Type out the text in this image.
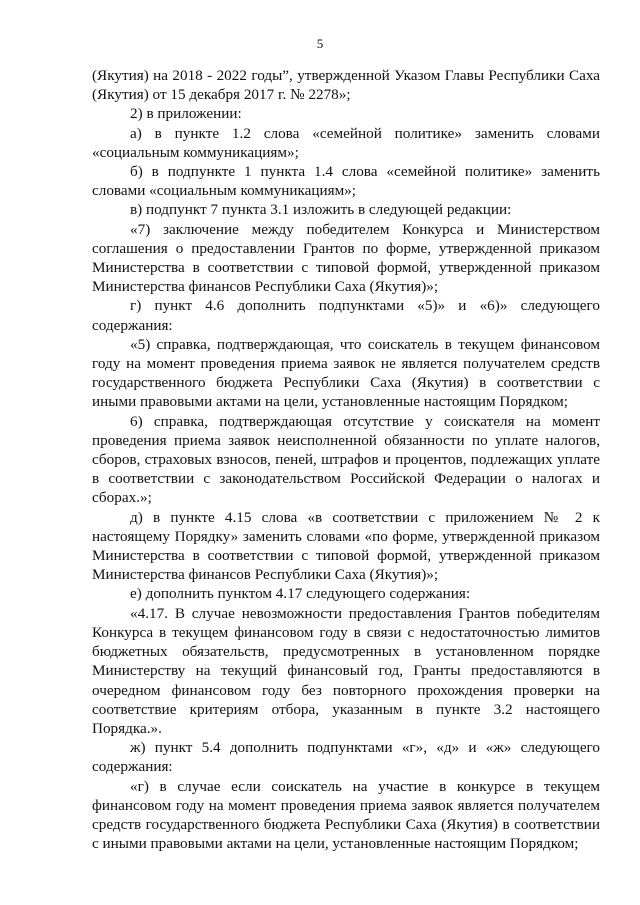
5

(Якутия) на 2018 - 2022 годы”, утвержденной Указом Главы Республики Саха (Якутия) от 15 декабря 2017 г. № 2278»;

2) в приложении:

а) в пункте 1.2 слова «семейной политике» заменить словами «социальным коммуникациям»;

б) в подпункте 1 пункта 1.4 слова «семейной политике» заменить словами «социальным коммуникациям»;

в) подпункт 7 пункта 3.1 изложить в следующей редакции:

«7) заключение между победителем Конкурса и Министерством соглашения о предоставлении Грантов по форме, утвержденной приказом Министерства в соответствии с типовой формой, утвержденной приказом Министерства финансов Республики Саха (Якутия)»;

г) пункт 4.6 дополнить подпунктами «5)» и «6)» следующего содержания:

«5) справка, подтверждающая, что соискатель в текущем финансовом году на момент проведения приема заявок не является получателем средств государственного бюджета Республики Саха (Якутия) в соответствии с иными правовыми актами на цели, установленные настоящим Порядком;

6) справка, подтверждающая отсутствие у соискателя на момент проведения приема заявок неисполненной обязанности по уплате налогов, сборов, страховых взносов, пеней, штрафов и процентов, подлежащих уплате в соответствии с законодательством Российской Федерации о налогах и сборах.»;

д) в пункте 4.15 слова «в соответствии с приложением № 2 к настоящему Порядку» заменить словами «по форме, утвержденной приказом Министерства в соответствии с типовой формой, утвержденной приказом Министерства финансов Республики Саха (Якутия)»;

е) дополнить пунктом 4.17 следующего содержания:

«4.17. В случае невозможности предоставления Грантов победителям Конкурса в текущем финансовом году в связи с недостаточностью лимитов бюджетных обязательств, предусмотренных в установленном порядке Министерству на текущий финансовый год, Гранты предоставляются в очередном финансовом году без повторного прохождения проверки на соответствие критериям отбора, указанным в пункте 3.2 настоящего Порядка.».

ж) пункт 5.4 дополнить подпунктами «г», «д» и «ж» следующего содержания:

«г) в случае если соискатель на участие в конкурсе в текущем финансовом году на момент проведения приема заявок является получателем средств государственного бюджета Республики Саха (Якутия) в соответствии с иными правовыми актами на цели, установленные настоящим Порядком;
